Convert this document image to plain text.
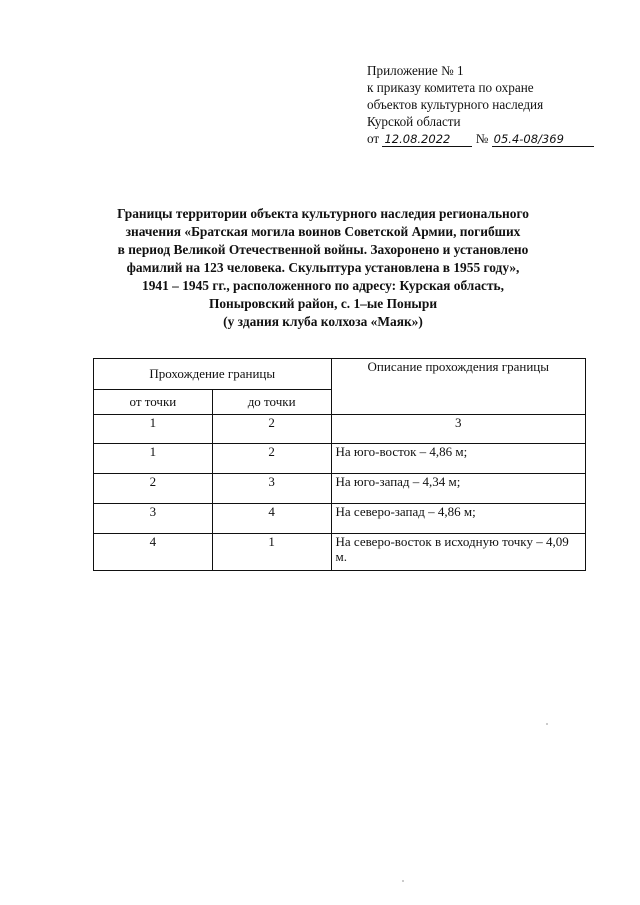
Приложение № 1
к приказу комитета по охране
объектов культурного наследия
Курской области
от 12.08.2022 № 05.4-08/369
Границы территории объекта культурного наследия регионального
значения «Братская могила воинов Советской Армии, погибших
в период Великой Отечественной войны. Захоронено и установлено
фамилий на 123 человека. Скульптура установлена в 1955 году»,
1941 – 1945 гг., расположенного по адресу: Курская область,
Поныровский район, с. 1–ые Поныри
(у здания клуба колхоза «Маяк»)
Прохождение границы		Описание прохождения границы
от точки	до точки	
1	2	3
1	2	На юго-восток – 4,86 м;
2	3	На юго-запад – 4,34 м;
3	4	На северо-запад – 4,86 м;
4	1	На северо-восток в исходную точку – 4,09 м.
